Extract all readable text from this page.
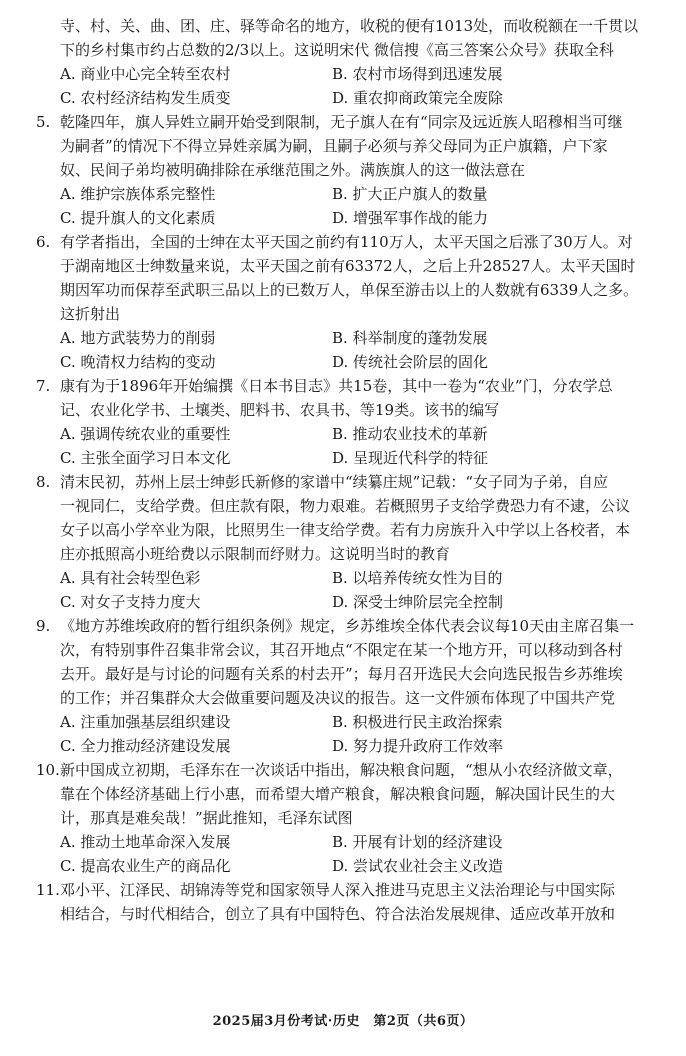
寺、村、关、曲、团、庄、驿等命名的地方，收税的便有1013处，而收税额在一千贯以
下的乡村集市约占总数的2/3以上。这说明宋代 微信搜《高三答案公众号》获取全科
A. 商业中心完全转至农村	B. 农村市场得到迅速发展
C. 农村经济结构发生质变	D. 重农抑商政策完全废除
5. 乾隆四年，旗人异姓立嗣开始受到限制，无子旗人在有“同宗及远近族人昭穆相当可继
为嗣者”的情况下不得立异姓亲属为嗣，且嗣子必须与养父母同为正户旗籍，户下家
奴、民间子弟均被明确排除在承继范围之外。满族旗人的这一做法意在
A. 维护宗族体系完整性	B. 扩大正户旗人的数量
C. 提升旗人的文化素质	D. 增强军事作战的能力
6. 有学者指出，全国的士绅在太平天国之前约有110万人，太平天国之后涨了30万人。对
于湖南地区士绅数量来说，太平天国之前有63372人，之后上升28527人。太平天国时
期因军功而保荐至武职三品以上的已数万人，单保至游击以上的人数就有6339人之多。
这折射出
A. 地方武装势力的削弱	B. 科举制度的蓬勃发展
C. 晚清权力结构的变动	D. 传统社会阶层的固化
7. 康有为于1896年开始编撰《日本书目志》共15卷，其中一卷为“农业”门，分农学总
记、农业化学书、土壤类、肥料书、农具书、等19类。该书的编写
A. 强调传统农业的重要性	B. 推动农业技术的革新
C. 主张全面学习日本文化	D. 呈现近代科学的特征
8. 清末民初，苏州上层士绅彭氏新修的家谱中“续纂庄规”记载：“女子同为子弟，自应
一视同仁，支给学费。但庄款有限，物力艰难。若概照男子支给学费恐力有不逮，公议
女子以高小学卒业为限，比照男生一律支给学费。若有力房族升入中学以上各校者，本
庄亦抵照高小班给费以示限制而纾财力。这说明当时的教育
A. 具有社会转型色彩	B. 以培养传统女性为目的
C. 对女子支持力度大	D. 深受士绅阶层完全控制
9. 《地方苏维埃政府的暂行组织条例》规定，乡苏维埃全体代表会议每10天由主席召集一
次，有特别事件召集非常会议，其召开地点“不限定在某一个地方开，可以移动到各村
去开。最好是与讨论的问题有关系的村去开”；每月召开选民大会向选民报告乡苏维埃
的工作；并召集群众大会做重要问题及决议的报告。这一文件颁布体现了中国共产党
A. 注重加强基层组织建设	B. 积极进行民主政治探索
C. 全力推动经济建设发展	D. 努力提升政府工作效率
10. 新中国成立初期，毛泽东在一次谈话中指出，解决粮食问题，“想从小农经济做文章，
靠在个体经济基础上行小惠，而希望大增产粮食，解决粮食问题，解决国计民生的大
计，那真是难矣哉！”据此推知，毛泽东试图
A. 推动土地革命深入发展	B. 开展有计划的经济建设
C. 提高农业生产的商品化	D. 尝试农业社会主义改造
11. 邓小平、江泽民、胡锦涛等党和国家领导人深入推进马克思主义法治理论与中国实际
相结合，与时代相结合，创立了具有中国特色、符合法治发展规律、适应改革开放和
2025届3月份考试·历史　第2页（共6页）
